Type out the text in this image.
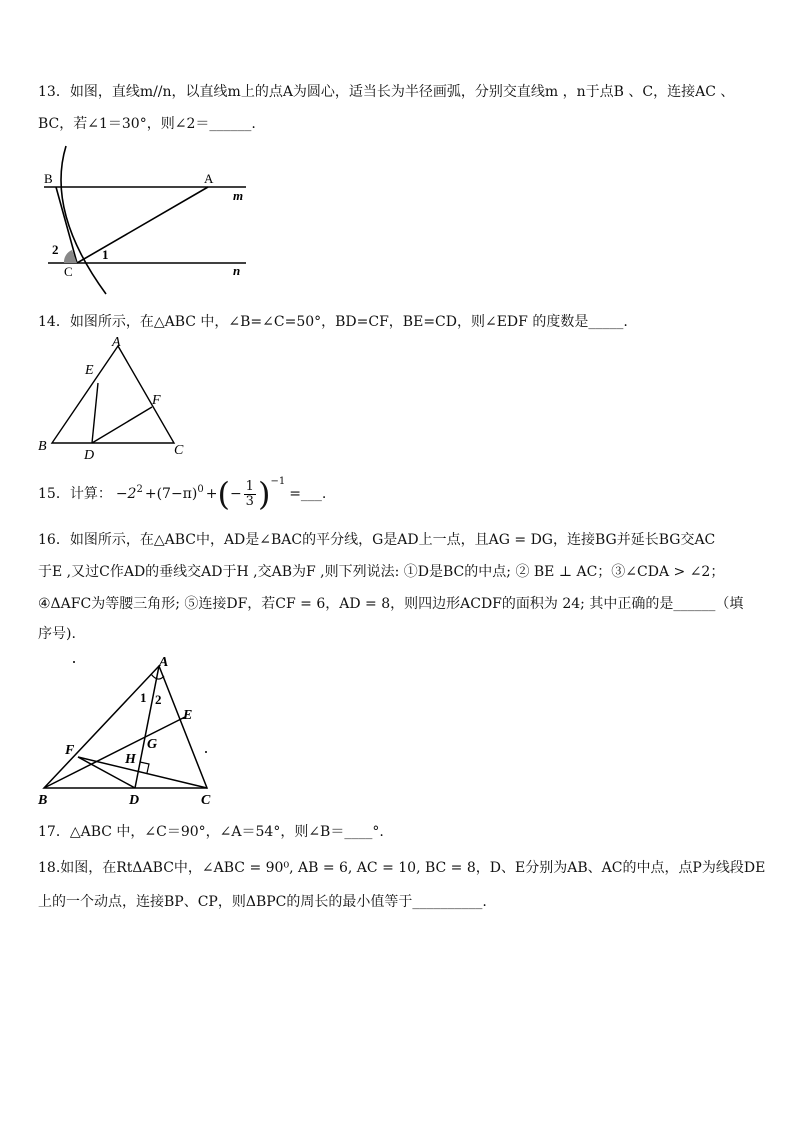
13．如图，直线m//n，以直线m上的点A为圆心，适当长为半径画弧，分别交直线m ，n于点B 、C，连接AC 、
BC，若∠1＝30°，则∠2＝______.
B	A
m
n
C
1
2
14．如图所示，在△ABC 中，∠B=∠C=50°，BD=CF，BE=CD，则∠EDF 的度数是_____.
A
E
F
B
D	C
15．计算： $-2^2 +(7-\pi)^0$ + ( − $\frac{1}{3} )^{-1}$
=___.
16．如图所示，在△ABC中，AD是∠BAC的平分线，G是AD上一点，且AG = DG，连接BG并延长BG交AC
于E ,又过C作AD的垂线交AD于H ,交AB为F ,则下列说法: ①D是BC的中点; ② BE ⊥ AC；③∠CDA > ∠2；
④ΔAFC为等腰三角形; ⑤连接DF，若CF = 6，AD = 8，则四边形ACDF的面积为 24; 其中正确的是______（填
序号).
A
1 2
E
G
H
F
B	D	C
17．△ABC 中，∠C＝90°，∠A＝54°，则∠B＝____°.
18.如图，在RtΔABC中，∠ABC = 90⁰, AB = 6, AC = 10, BC = 8，D、E分别为AB、AC的中点，点P为线段DE
上的一个动点，连接BP、CP，则ΔBPC的周长的最小值等于__________.
